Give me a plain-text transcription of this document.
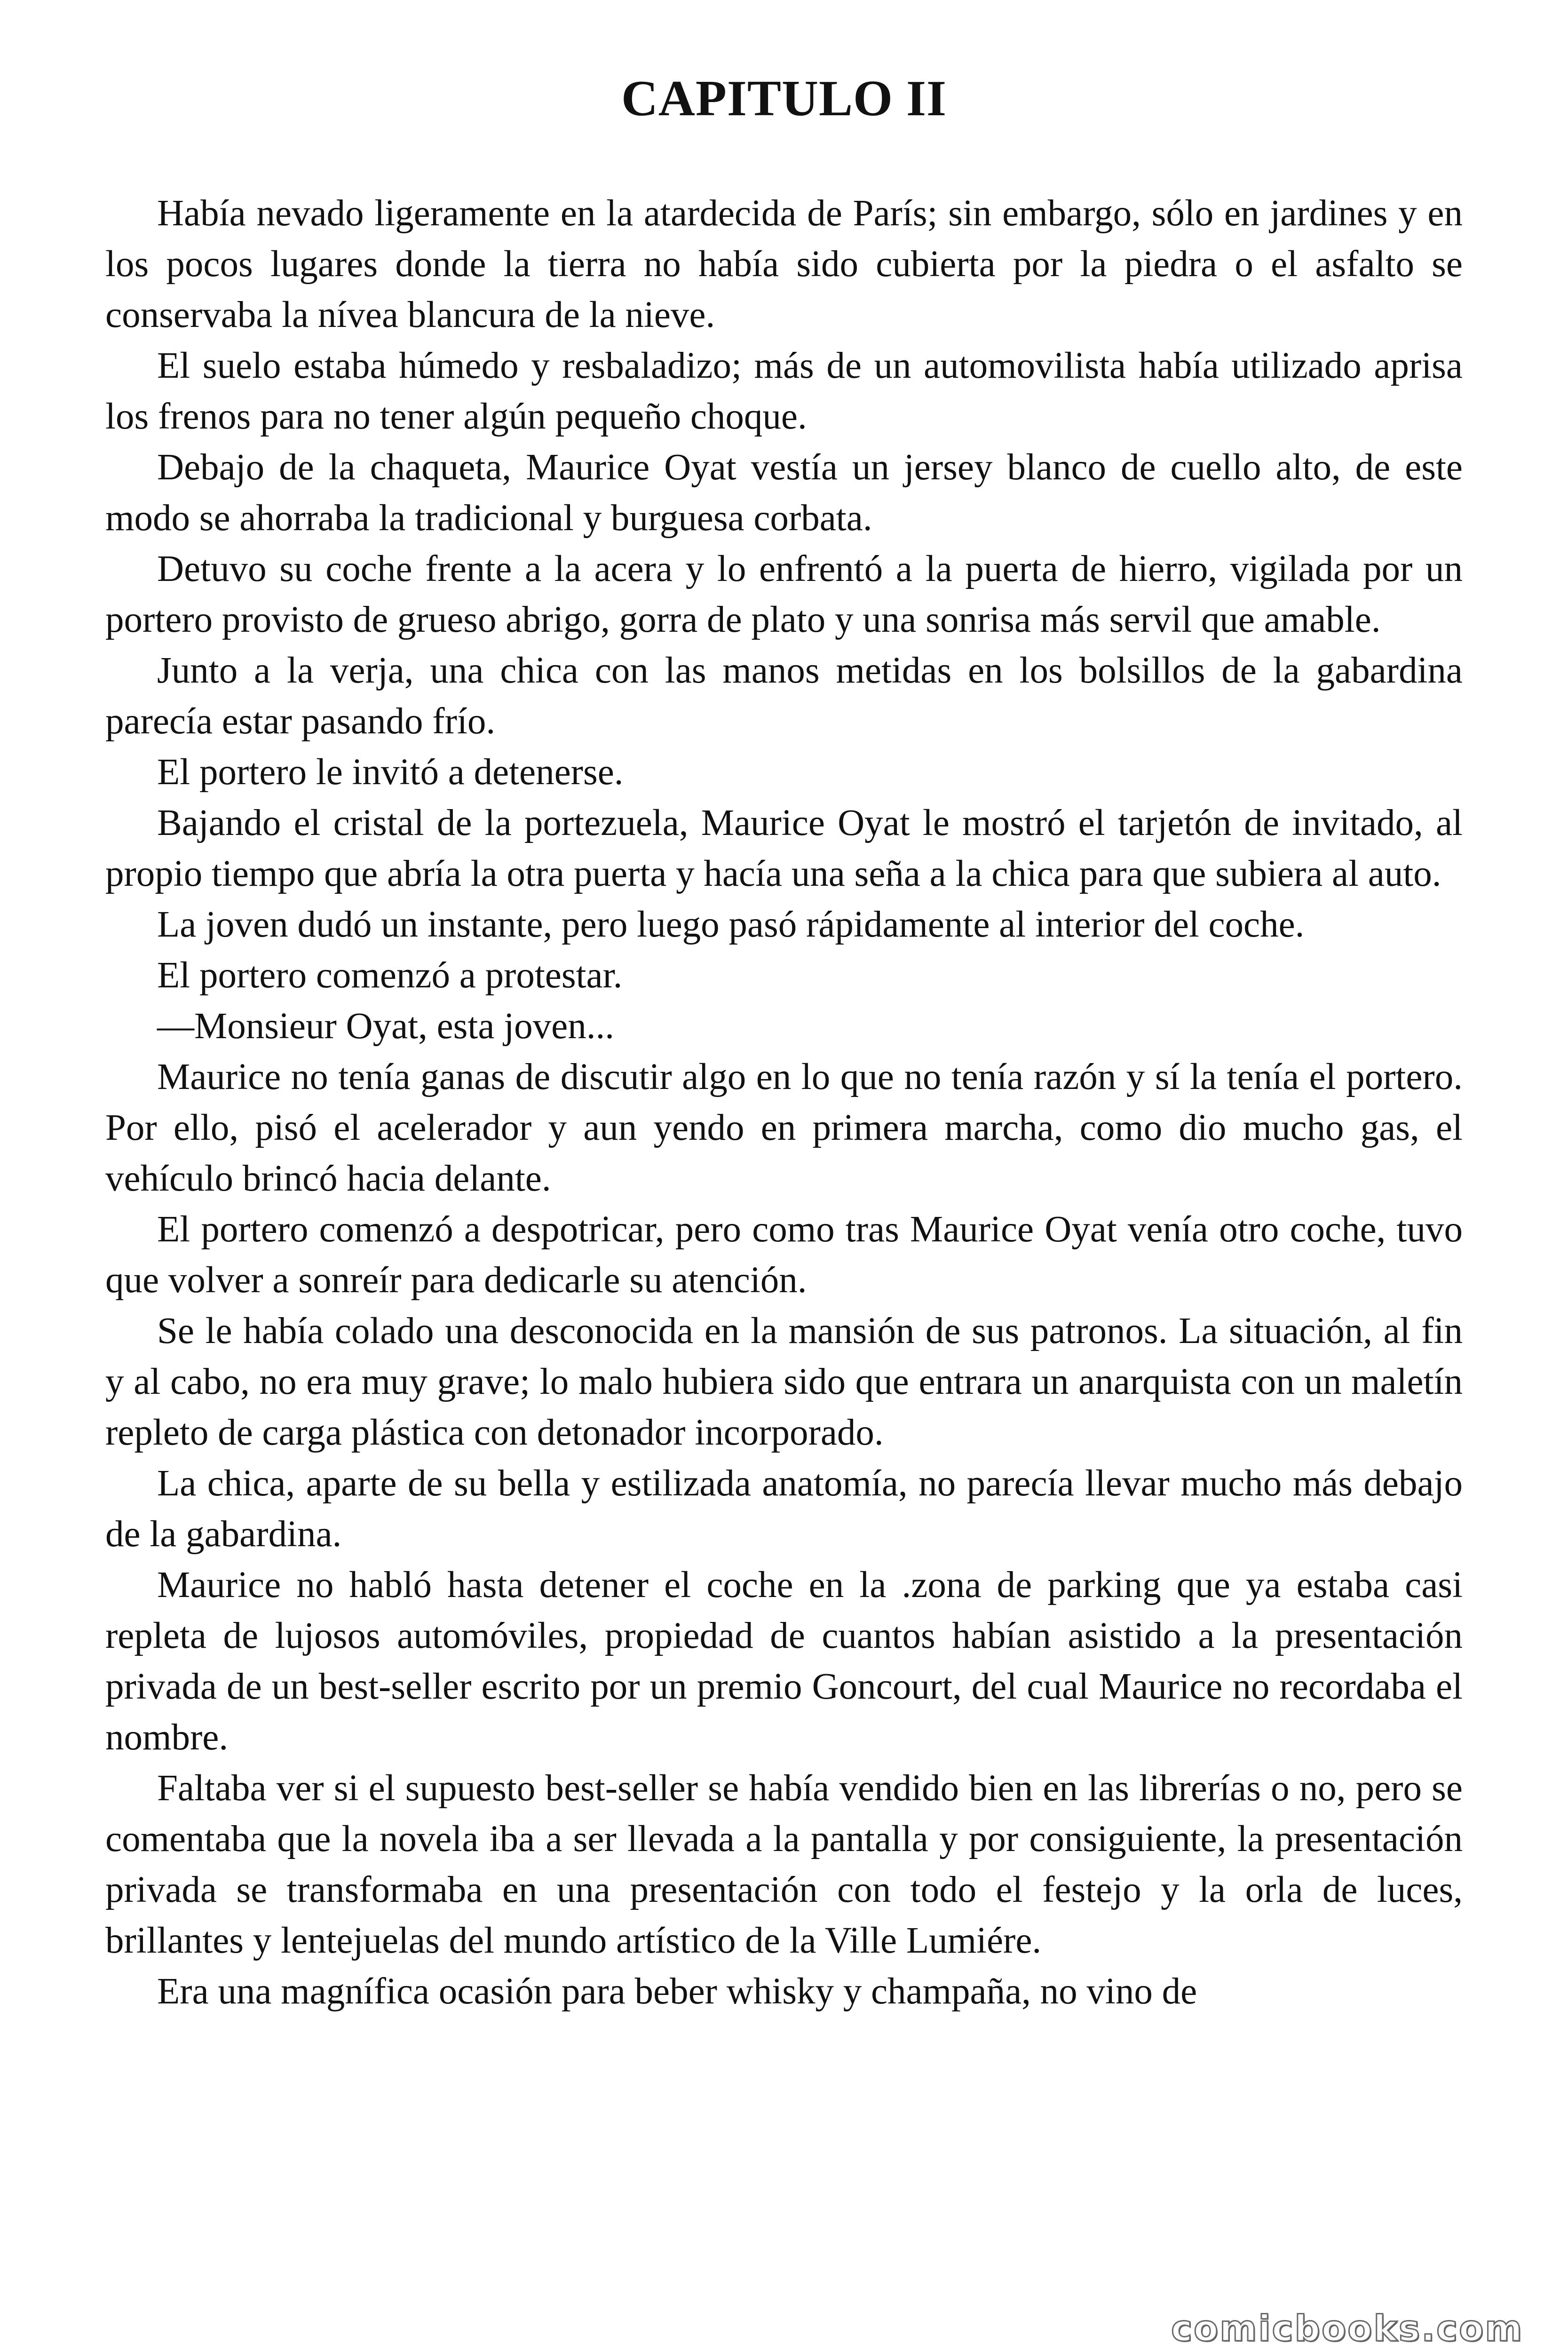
CAPITULO II

Había nevado ligeramente en la atardecida de París; sin embargo, sólo en jardines y en los pocos lugares donde la tierra no había sido cubierta por la piedra o el asfalto se conservaba la nívea blancura de la nieve.

El suelo estaba húmedo y resbaladizo; más de un automovilista había utilizado aprisa los frenos para no tener algún pequeño choque.

Debajo de la chaqueta, Maurice Oyat vestía un jersey blanco de cuello alto, de este modo se ahorraba la tradicional y burguesa corbata.

Detuvo su coche frente a la acera y lo enfrentó a la puerta de hierro, vigilada por un portero provisto de grueso abrigo, gorra de plato y una sonrisa más servil que amable.

Junto a la verja, una chica con las manos metidas en los bolsillos de la gabardina parecía estar pasando frío.

El portero le invitó a detenerse.

Bajando el cristal de la portezuela, Maurice Oyat le mostró el tarjetón de invitado, al propio tiempo que abría la otra puerta y hacía una seña a la chica para que subiera al auto.

La joven dudó un instante, pero luego pasó rápidamente al interior del coche.

El portero comenzó a protestar.

—Monsieur Oyat, esta joven...

Maurice no tenía ganas de discutir algo en lo que no tenía razón y sí la tenía el portero. Por ello, pisó el acelerador y aun yendo en primera marcha, como dio mucho gas, el vehículo brincó hacia delante.

El portero comenzó a despotricar, pero como tras Maurice Oyat venía otro coche, tuvo que volver a sonreír para dedicarle su atención.

Se le había colado una desconocida en la mansión de sus patronos. La situación, al fin y al cabo, no era muy grave; lo malo hubiera sido que entrara un anarquista con un maletín repleto de carga plástica con detonador incorporado.

La chica, aparte de su bella y estilizada anatomía, no parecía llevar mucho más debajo de la gabardina.

Maurice no habló hasta detener el coche en la .zona de parking que ya estaba casi repleta de lujosos automóviles, propiedad de cuantos habían asistido a la presentación privada de un best-seller escrito por un premio Goncourt, del cual Maurice no recordaba el nombre.

Faltaba ver si el supuesto best-seller se había vendido bien en las librerías o no, pero se comentaba que la novela iba a ser llevada a la pantalla y por consiguiente, la presentación privada se transformaba en una presentación con todo el festejo y la orla de luces, brillantes y lentejuelas del mundo artístico de la Ville Lumiére.

Era una magnífica ocasión para beber whisky y champaña, no vino de

comicbooks.com
